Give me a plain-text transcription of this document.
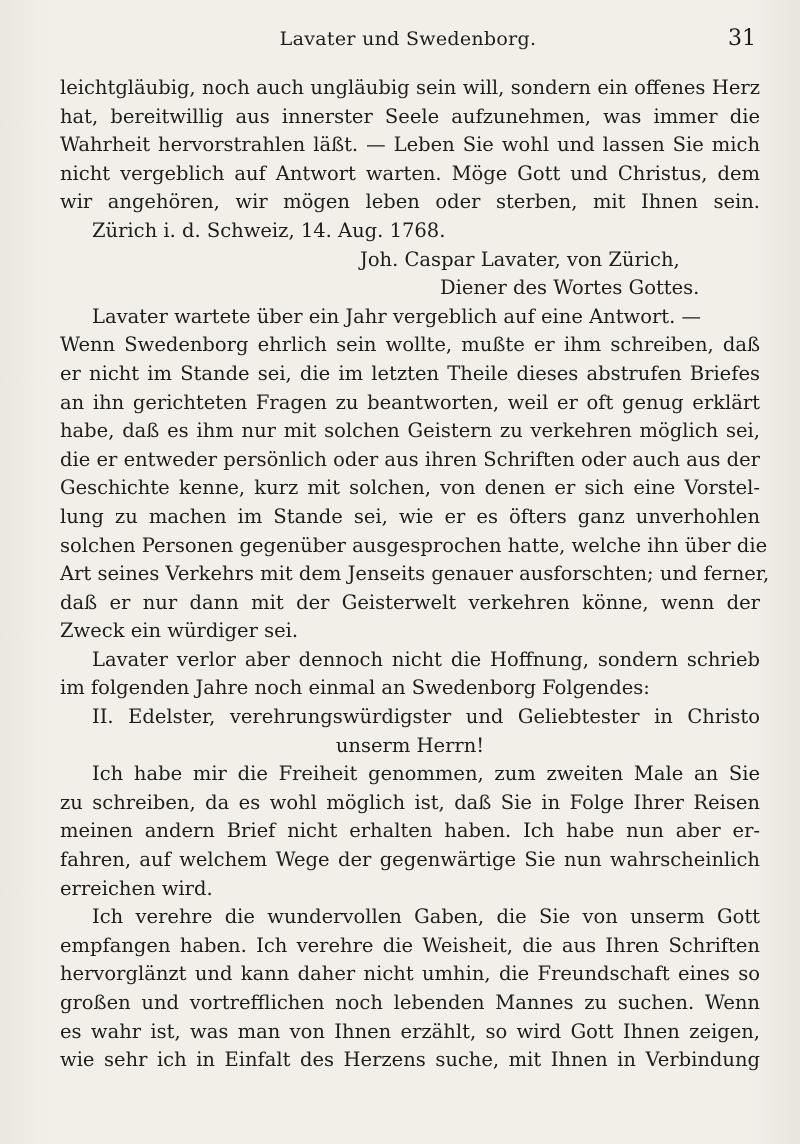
Lavater und Swedenborg.	31
leichtgläubig, noch auch ungläubig sein will, sondern ein offenes Herz
hat, bereitwillig aus innerster Seele aufzunehmen, was immer die
Wahrheit hervorstrahlen läßt. — Leben Sie wohl und lassen Sie mich
nicht vergeblich auf Antwort warten. Möge Gott und Christus, dem
wir angehören, wir mögen leben oder sterben, mit Ihnen sein.
Zürich i. d. Schweiz, 14. Aug. 1768.
Joh. Caspar Lavater, von Zürich,
Diener des Wortes Gottes.
Lavater wartete über ein Jahr vergeblich auf eine Antwort. —
Wenn Swedenborg ehrlich sein wollte, mußte er ihm schreiben, daß
er nicht im Stande sei, die im letzten Theile dieses abstrufen Briefes
an ihn gerichteten Fragen zu beantworten, weil er oft genug erklärt
habe, daß es ihm nur mit solchen Geistern zu verkehren möglich sei,
die er entweder persönlich oder aus ihren Schriften oder auch aus der
Geschichte kenne, kurz mit solchen, von denen er sich eine Vorstel-
lung zu machen im Stande sei, wie er es öfters ganz unverhohlen
solchen Personen gegenüber ausgesprochen hatte, welche ihn über die
Art seines Verkehrs mit dem Jenseits genauer ausforschten; und ferner,
daß er nur dann mit der Geisterwelt verkehren könne, wenn der
Zweck ein würdiger sei.
Lavater verlor aber dennoch nicht die Hoffnung, sondern schrieb
im folgenden Jahre noch einmal an Swedenborg Folgendes:
II. Edelster, verehrungswürdigster und Geliebtester in Christo
unserm Herrn!
Ich habe mir die Freiheit genommen, zum zweiten Male an Sie
zu schreiben, da es wohl möglich ist, daß Sie in Folge Ihrer Reisen
meinen andern Brief nicht erhalten haben. Ich habe nun aber er-
fahren, auf welchem Wege der gegenwärtige Sie nun wahrscheinlich
erreichen wird.
Ich verehre die wundervollen Gaben, die Sie von unserm Gott
empfangen haben. Ich verehre die Weisheit, die aus Ihren Schriften
hervorglänzt und kann daher nicht umhin, die Freundschaft eines so
großen und vortrefflichen noch lebenden Mannes zu suchen. Wenn
es wahr ist, was man von Ihnen erzählt, so wird Gott Ihnen zeigen,
wie sehr ich in Einfalt des Herzens suche, mit Ihnen in Verbindung
